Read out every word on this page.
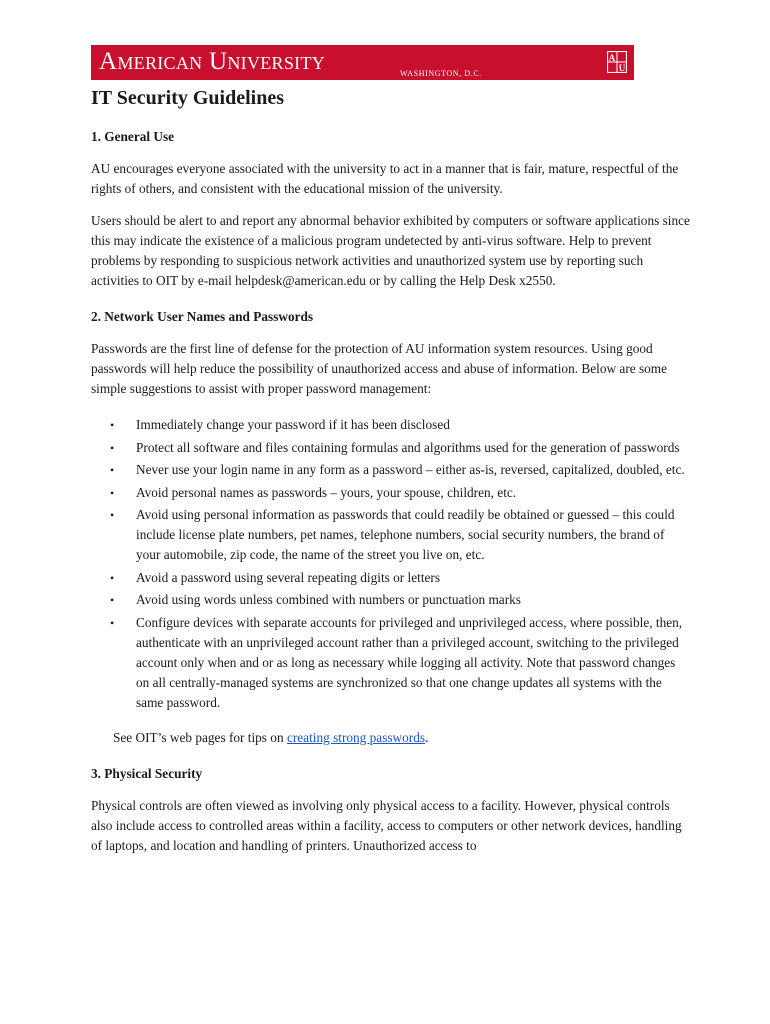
American University	WASHINGTON, D.C.
A
U
IT Security Guidelines
1. General Use

AU encourages everyone associated with the university to act in a manner that is fair, mature, respectful of the rights of others, and consistent with the educational mission of the university.

Users should be alert to and report any abnormal behavior exhibited by computers or software applications since this may indicate the existence of a malicious program undetected by anti-virus software. Help to prevent problems by responding to suspicious network activities and unauthorized system use by reporting such activities to OIT by e-mail helpdesk@american.edu or by calling the Help Desk x2550.

2. Network User Names and Passwords

Passwords are the first line of defense for the protection of AU information system resources. Using good passwords will help reduce the possibility of unauthorized access and abuse of information. Below are some simple suggestions to assist with proper password management:

• Immediately change your password if it has been disclosed
• Protect all software and files containing formulas and algorithms used for the generation of passwords
• Never use your login name in any form as a password – either as-is, reversed, capitalized, doubled, etc.
• Avoid personal names as passwords – yours, your spouse, children, etc.
• Avoid using personal information as passwords that could readily be obtained or guessed – this could include license plate numbers, pet names, telephone numbers, social security numbers, the brand of your automobile, zip code, the name of the street you live on, etc.
• Avoid a password using several repeating digits or letters
• Avoid using words unless combined with numbers or punctuation marks
• Configure devices with separate accounts for privileged and unprivileged access, where possible, then, authenticate with an unprivileged account rather than a privileged account, switching to the privileged account only when and or as long as necessary while logging all activity. Note that password changes on all centrally-managed systems are synchronized so that one change updates all systems with the same password.

See OIT’s web pages for tips on creating strong passwords.

3. Physical Security

Physical controls are often viewed as involving only physical access to a facility. However, physical controls also include access to controlled areas within a facility, access to computers or other network devices, handling of laptops, and location and handling of printers. Unauthorized access to
